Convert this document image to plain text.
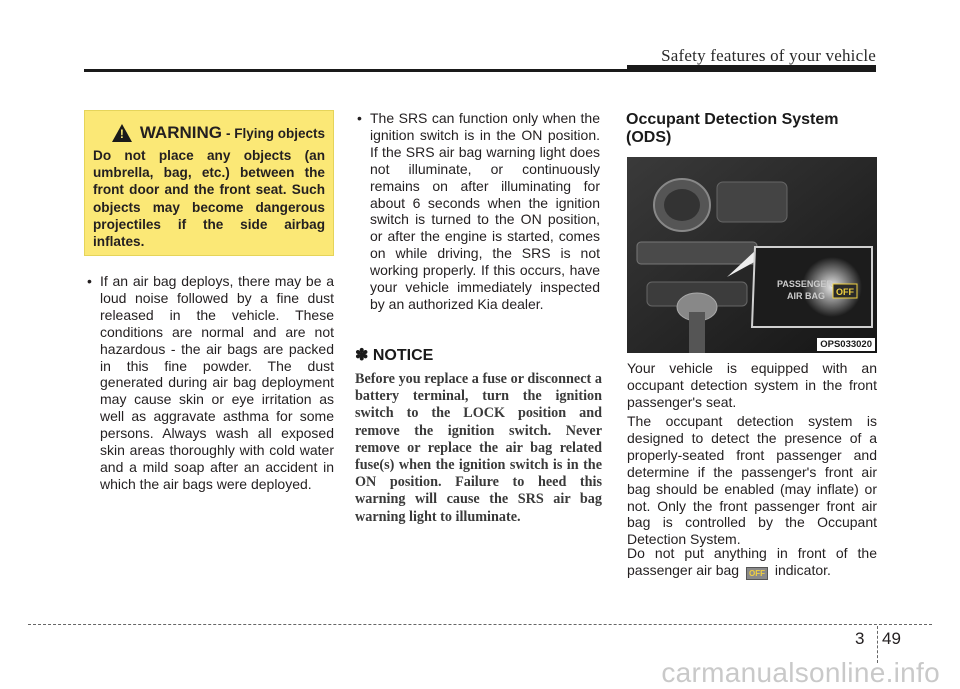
Safety features of your vehicle
! WARNING - Flying objects
Do not place any objects (an umbrella, bag, etc.) between the front door and the front seat. Such objects may become dangerous projectiles if the side airbag inflates.
• If an air bag deploys, there may be a loud noise followed by a fine dust released in the vehicle. These conditions are normal and are not hazardous - the air bags are packed in this fine powder. The dust generated during air bag deployment may cause skin or eye irritation as well as aggravate asthma for some persons. Always wash all exposed skin areas thoroughly with cold water and a mild soap after an accident in which the air bags were deployed.
• The SRS can function only when the ignition switch is in the ON position. If the SRS air bag warning light does not illuminate, or continuously remains on after illuminating for about 6 seconds when the ignition switch is turned to the ON position, or after the engine is started, comes on while driving, the SRS is not working properly. If this occurs, have your vehicle immediately inspected by an authorized Kia dealer.
✽ NOTICE
Before you replace a fuse or disconnect a battery terminal, turn the ignition switch to the LOCK position and remove the ignition switch. Never remove or replace the air bag related fuse(s) when the ignition switch is in the ON position. Failure to heed this warning will cause the SRS air bag warning light to illuminate.
Occupant Detection System (ODS)
PASSENGER
AIR BAG OFF
OPS033020
Your vehicle is equipped with an occupant detection system in the front passenger's seat.
The occupant detection system is designed to detect the presence of a properly-seated front passenger and determine if the passenger's front air bag should be enabled (may inflate) or not. Only the front passenger front air bag is controlled by the Occupant Detection System.
Do not put anything in front of the passenger air bag OFF indicator.
3 49
carmanualsonline.info
